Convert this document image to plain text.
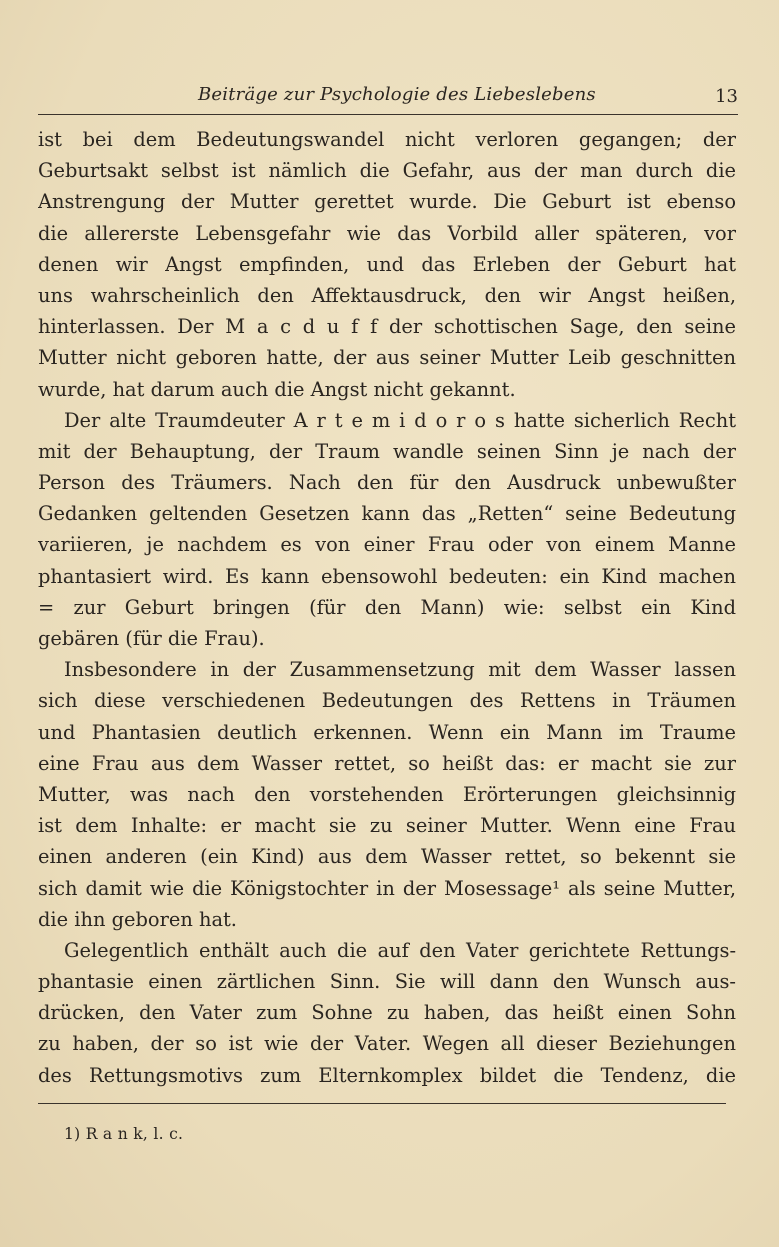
Beiträge zur Psychologie des Liebeslebens	13
ist bei dem Bedeutungswandel nicht verloren gegangen; der
Geburtsakt selbst ist nämlich die Gefahr, aus der man durch die
Anstrengung der Mutter gerettet wurde. Die Geburt ist ebenso
die allererste Lebensgefahr wie das Vorbild aller späteren, vor
denen wir Angst empfinden, und das Erleben der Geburt hat
uns wahrscheinlich den Affektausdruck, den wir Angst heißen,
hinterlassen. Der M a c d u f f der schottischen Sage, den seine
Mutter nicht geboren hatte, der aus seiner Mutter Leib geschnitten
wurde, hat darum auch die Angst nicht gekannt.
Der alte Traumdeuter A r t e m i d o r o s hatte sicherlich Recht
mit der Behauptung, der Traum wandle seinen Sinn je nach der
Person des Träumers. Nach den für den Ausdruck unbewußter
Gedanken geltenden Gesetzen kann das „Retten“ seine Bedeutung
variieren, je nachdem es von einer Frau oder von einem Manne
phantasiert wird. Es kann ebensowohl bedeuten: ein Kind machen
= zur Geburt bringen (für den Mann) wie: selbst ein Kind
gebären (für die Frau).
Insbesondere in der Zusammensetzung mit dem Wasser lassen
sich diese verschiedenen Bedeutungen des Rettens in Träumen
und Phantasien deutlich erkennen. Wenn ein Mann im Traume
eine Frau aus dem Wasser rettet, so heißt das: er macht sie zur
Mutter, was nach den vorstehenden Erörterungen gleichsinnig
ist dem Inhalte: er macht sie zu seiner Mutter. Wenn eine Frau
einen anderen (ein Kind) aus dem Wasser rettet, so bekennt sie
sich damit wie die Königstochter in der Mosessage¹ als seine Mutter,
die ihn geboren hat.
Gelegentlich enthält auch die auf den Vater gerichtete Rettungs-
phantasie einen zärtlichen Sinn. Sie will dann den Wunsch aus-
drücken, den Vater zum Sohne zu haben, das heißt einen Sohn
zu haben, der so ist wie der Vater. Wegen all dieser Beziehungen
des Rettungsmotivs zum Elternkomplex bildet die Tendenz, die
1) R a n k, l. c.
